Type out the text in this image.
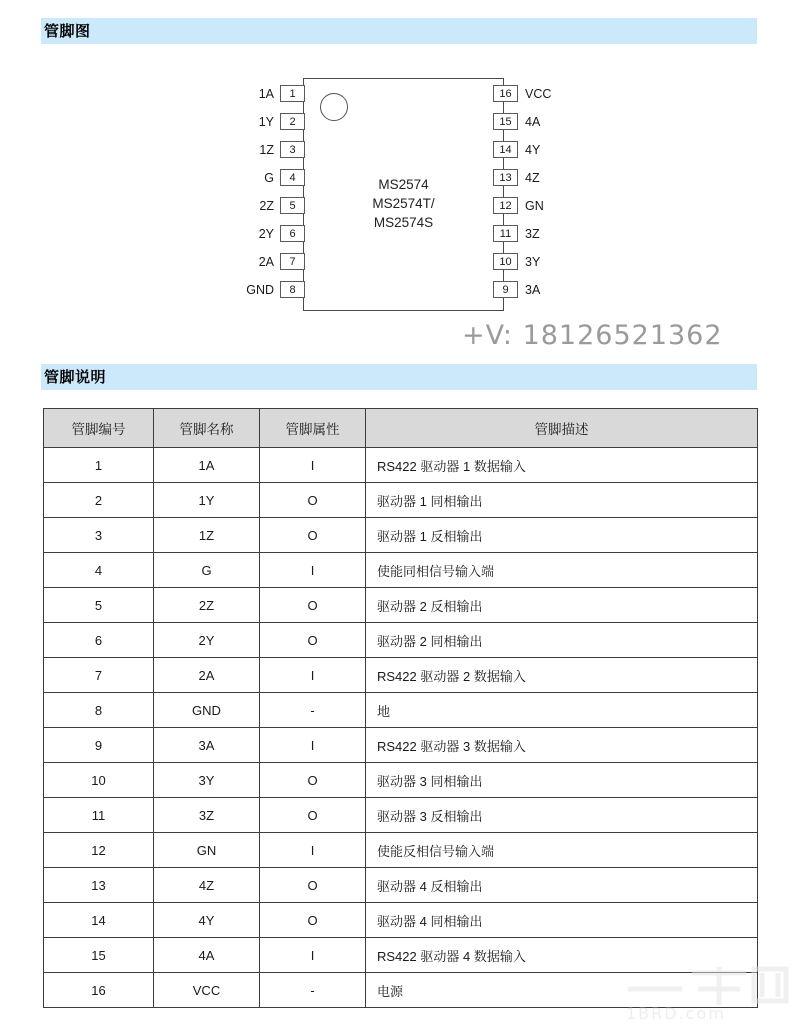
管脚图
MS2574
MS2574T/
MS2574S
1A	1
1Y	2
1Z	3
G	4
2Z	5
2Y	6
2A	7
GND	8
16	VCC
15	4A
14	4Y
13	4Z
12	GN
11	3Z
10	3Y
9	3A
+V: 18126521362
管脚说明
管脚编号	管脚名称	管脚属性	管脚描述
1	1A	I	RS422 驱动器 1 数据输入
2	1Y	O	驱动器 1 同相输出
3	1Z	O	驱动器 1 反相输出
4	G	I	使能同相信号输入端
5	2Z	O	驱动器 2 反相输出
6	2Y	O	驱动器 2 同相输出
7	2A	I	RS422 驱动器 2 数据输入
8	GND	-	地
9	3A	I	RS422 驱动器 3 数据输入
10	3Y	O	驱动器 3 同相输出
11	3Z	O	驱动器 3 反相输出
12	GN	I	使能反相信号输入端
13	4Z	O	驱动器 4 反相输出
14	4Y	O	驱动器 4 同相输出
15	4A	I	RS422 驱动器 4 数据输入
16	VCC	-	电源
1BRD.com
